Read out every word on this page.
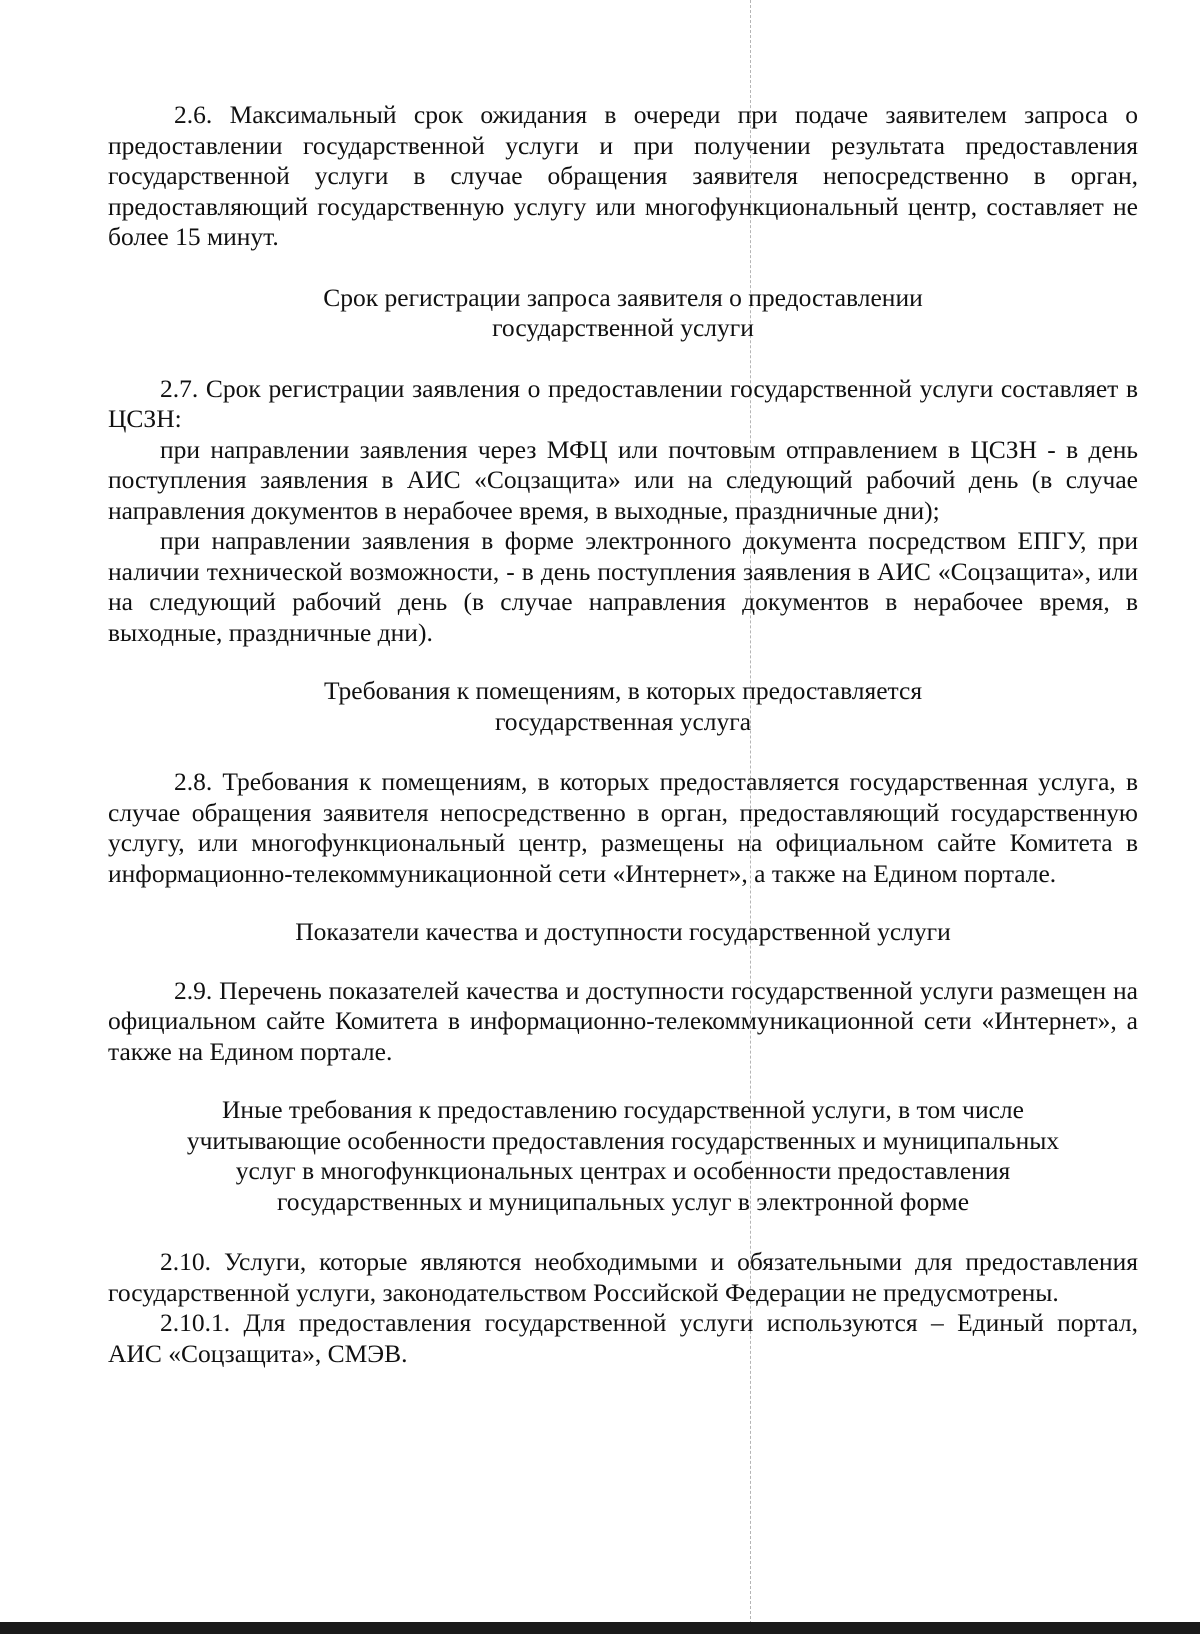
2.6. Максимальный срок ожидания в очереди при подаче заявителем запроса о предоставлении государственной услуги и при получении результата предоставления государственной услуги в случае обращения заявителя непосредственно в орган, предоставляющий государственную услугу или многофункциональный центр, составляет не более 15 минут.

Срок регистрации запроса заявителя о предоставлении

государственной услуги

2.7. Срок регистрации заявления о предоставлении государственной услуги составляет в ЦСЗН:

при направлении заявления через МФЦ или почтовым отправлением в ЦСЗН - в день поступления заявления в АИС «Соцзащита» или на следующий рабочий день (в случае направления документов в нерабочее время, в выходные, праздничные дни);

при направлении заявления в форме электронного документа посредством ЕПГУ, при наличии технической возможности, - в день поступления заявления в АИС «Соцзащита», или на следующий рабочий день (в случае направления документов в нерабочее время, в выходные, праздничные дни).

Требования к помещениям, в которых предоставляется

государственная услуга

2.8. Требования к помещениям, в которых предоставляется государственная услуга, в случае обращения заявителя непосредственно в орган, предоставляющий государственную услугу, или многофункциональный центр, размещены на официальном сайте Комитета в информационно-телекоммуникационной сети «Интернет», а также на Едином портале.

Показатели качества и доступности государственной услуги

2.9. Перечень показателей качества и доступности государственной услуги размещен на официальном сайте Комитета в информационно-телекоммуникационной сети «Интернет», а также на Едином портале.

Иные требования к предоставлению государственной услуги, в том числе

учитывающие особенности предоставления государственных и муниципальных

услуг в многофункциональных центрах и особенности предоставления

государственных и муниципальных услуг в электронной форме

2.10. Услуги, которые являются необходимыми и обязательными для предоставления государственной услуги, законодательством Российской Федерации не предусмотрены.

2.10.1. Для предоставления государственной услуги используются – Единый портал, АИС «Соцзащита», СМЭВ.
